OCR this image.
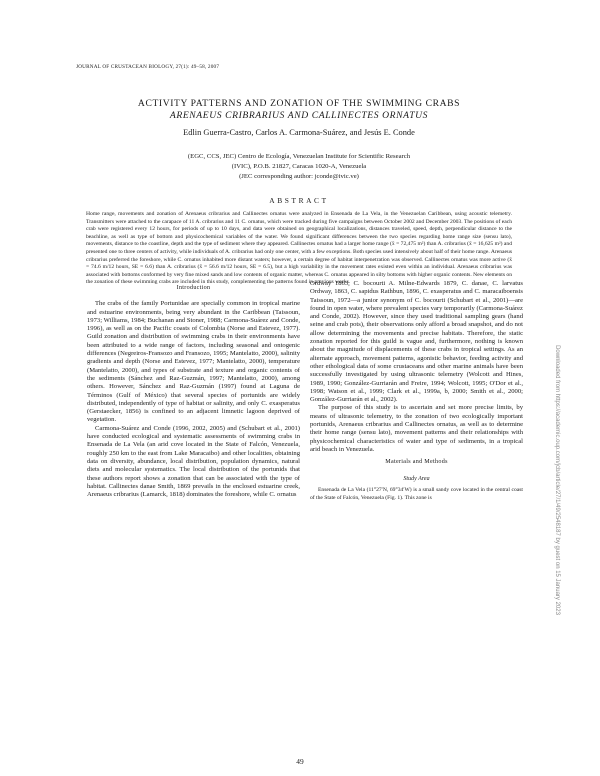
JOURNAL OF CRUSTACEAN BIOLOGY, 27(1): 49–58, 2007
ACTIVITY PATTERNS AND ZONATION OF THE SWIMMING CRABS
ARENAEUS CRIBRARIUS AND CALLINECTES ORNATUS
Edlin Guerra-Castro, Carlos A. Carmona-Suárez, and Jesús E. Conde
(EGC, CCS, JEC) Centro de Ecología, Venezuelan Institute for Scientific Research
(IVIC), P.O.B. 21827, Caracas 1020-A, Venezuela
(JEC corresponding author: jconde@ivic.ve)
ABSTRACT

Home range, movements and zonation of Arenaeus cribrarius and Callinectes ornatus were analyzed in Ensenada de La Vela, in the Venezuelan Caribbean, using acoustic telemetry. Transmitters were attached to the carapace of 11 A. cribrarius and 11 C. ornatus, which were tracked during five campaigns between October 2002 and December 2003. The positions of each crab were registered every 12 hours, for periods of up to 10 days, and data were obtained on geographical localizations, distances traveled, speed, depth, perpendicular distance to the beachline, as well as type of bottom and physicochemical variables of the water. We found significant differences between the two species regarding home range size (sensu lato), movements, distance to the coastline, depth and the type of sediment where they appeared. Callinectes ornatus had a larger home range (x̄ = 72,475 m²) than A. cribrarius (x̄ = 16,625 m²) and presented one to three centers of activity, while individuals of A. cribrarius had only one center, with a few exceptions. Both species used intensively about half of their home range. Arenaeus cribrarius preferred the foreshore, while C. ornatus inhabited more distant waters; however, a certain degree of habitat interpenetration was observed. Callinectes ornatus was more active (x̄ = 74.6 m/12 hours, SE = 6.6) than A. cribrarius (x̄ = 56.6 m/12 hours, SE = 6.5), but a high variability in the movement rates existed even within an individual. Arenaeus cribrarius was associated with bottoms conformed by very fine mixed sands and low contents of organic matter, whereas C. ornatus appeared in silty bottoms with higher organic contents. New elements on the zonation of these swimming crabs are included in this study, complementing the patterns found in previous works.

Introduction

The crabs of the family Portunidae are specially common in tropical marine and estuarine environments, being very abundant in the Caribbean (Taissoun, 1973; Williams, 1984; Buchanan and Stoner, 1988; Carmona-Suárez and Conde, 1996), as well as on the Pacific coasts of Colombia (Norse and Estevez, 1977). Guild zonation and distribution of swimming crabs in their environments have been attributed to a wide range of factors, including seasonal and ontogenic differences (Negreiros-Fransozo and Fransozo, 1995; Mantelatto, 2000), salinity gradients and depth (Norse and Estevez, 1977; Mantelatto, 2000), temperature (Mantelatto, 2000), and types of substrate and texture and organic contents of the sediments (Sánchez and Raz-Guzmán, 1997; Mantelatto, 2000), among others. However, Sánchez and Raz-Guzmán (1997) found at Laguna de Términos (Gulf of México) that several species of portunids are widely distributed, independently of type of habitat or salinity, and only C. exasperatus (Gerstaecker, 1856) is confined to an adjacent limnetic lagoon deprived of vegetation.

Carmona-Suárez and Conde (1996, 2002, 2005) and (Schubart et al., 2001) have conducted ecological and systematic assessments of swimming crabs in Ensenada de La Vela (an arid cove located in the State of Falcón, Venezuela, roughly 250 km to the east from Lake Maracaibo) and other localities, obtaining data on diversity, abundance, local distribution, population dynamics, natural diets and molecular systematics. The local distribution of the portunids that these authors report shows a zonation that can be associated with the type of habitat. Callinectes danae Smith, 1869 prevails in the enclosed estuarine creek, Arenaeus cribrarius (Lamarck, 1818) dominates the foreshore, while C. ornatus

Ordway 1863, C. bocourti A. Milne-Edwards 1879, C. danae, C. larvatus Ordway, 1863, C. sapidus Rathbun, 1896, C. exasperatus and C. maracaiboensis Taissoun, 1972—a junior synonym of C. bocourti (Schubart et al., 2001)—are found in open water, where prevalent species vary temporarily (Carmona-Suárez and Conde, 2002). However, since they used traditional sampling gears (hand seine and crab pots), their observations only afford a broad snapshot, and do not allow determining the movements and precise habitats. Therefore, the static zonation reported for this guild is vague and, furthermore, nothing is known about the magnitude of displacements of these crabs in tropical settings. As an alternate approach, movement patterns, agonistic behavior, feeding activity and other ethological data of some crustaceans and other marine animals have been successfully investigated by using ultrasonic telemetry (Wolcott and Hines, 1989, 1990; González-Gurriarán and Freire, 1994; Wolcott, 1995; O'Dor et al., 1998; Watson et al., 1999; Clark et al., 1999a, b, 2000; Smith et al., 2000; González-Gurriarán et al., 2002).

The purpose of this study is to ascertain and set more precise limits, by means of ultrasonic telemetry, to the zonation of two ecologically important portunids, Arenaeus cribrarius and Callinectes ornatus, as well as to determine their home range (sensu lato), movement patterns and their relationships with physicochemical characteristics of water and type of sediments, in a tropical arid beach in Venezuela.

Materials and Methods
Study Area

Ensenada de La Vela (11°27′N, 69°34′W) is a small sandy cove located in the central coast of the State of Falcón, Venezuela (Fig. 1). This zone is

49
Downloaded from https://academic.oup.com/jcb/article/27/1/49/2548187 by guest on 15 January 2023
